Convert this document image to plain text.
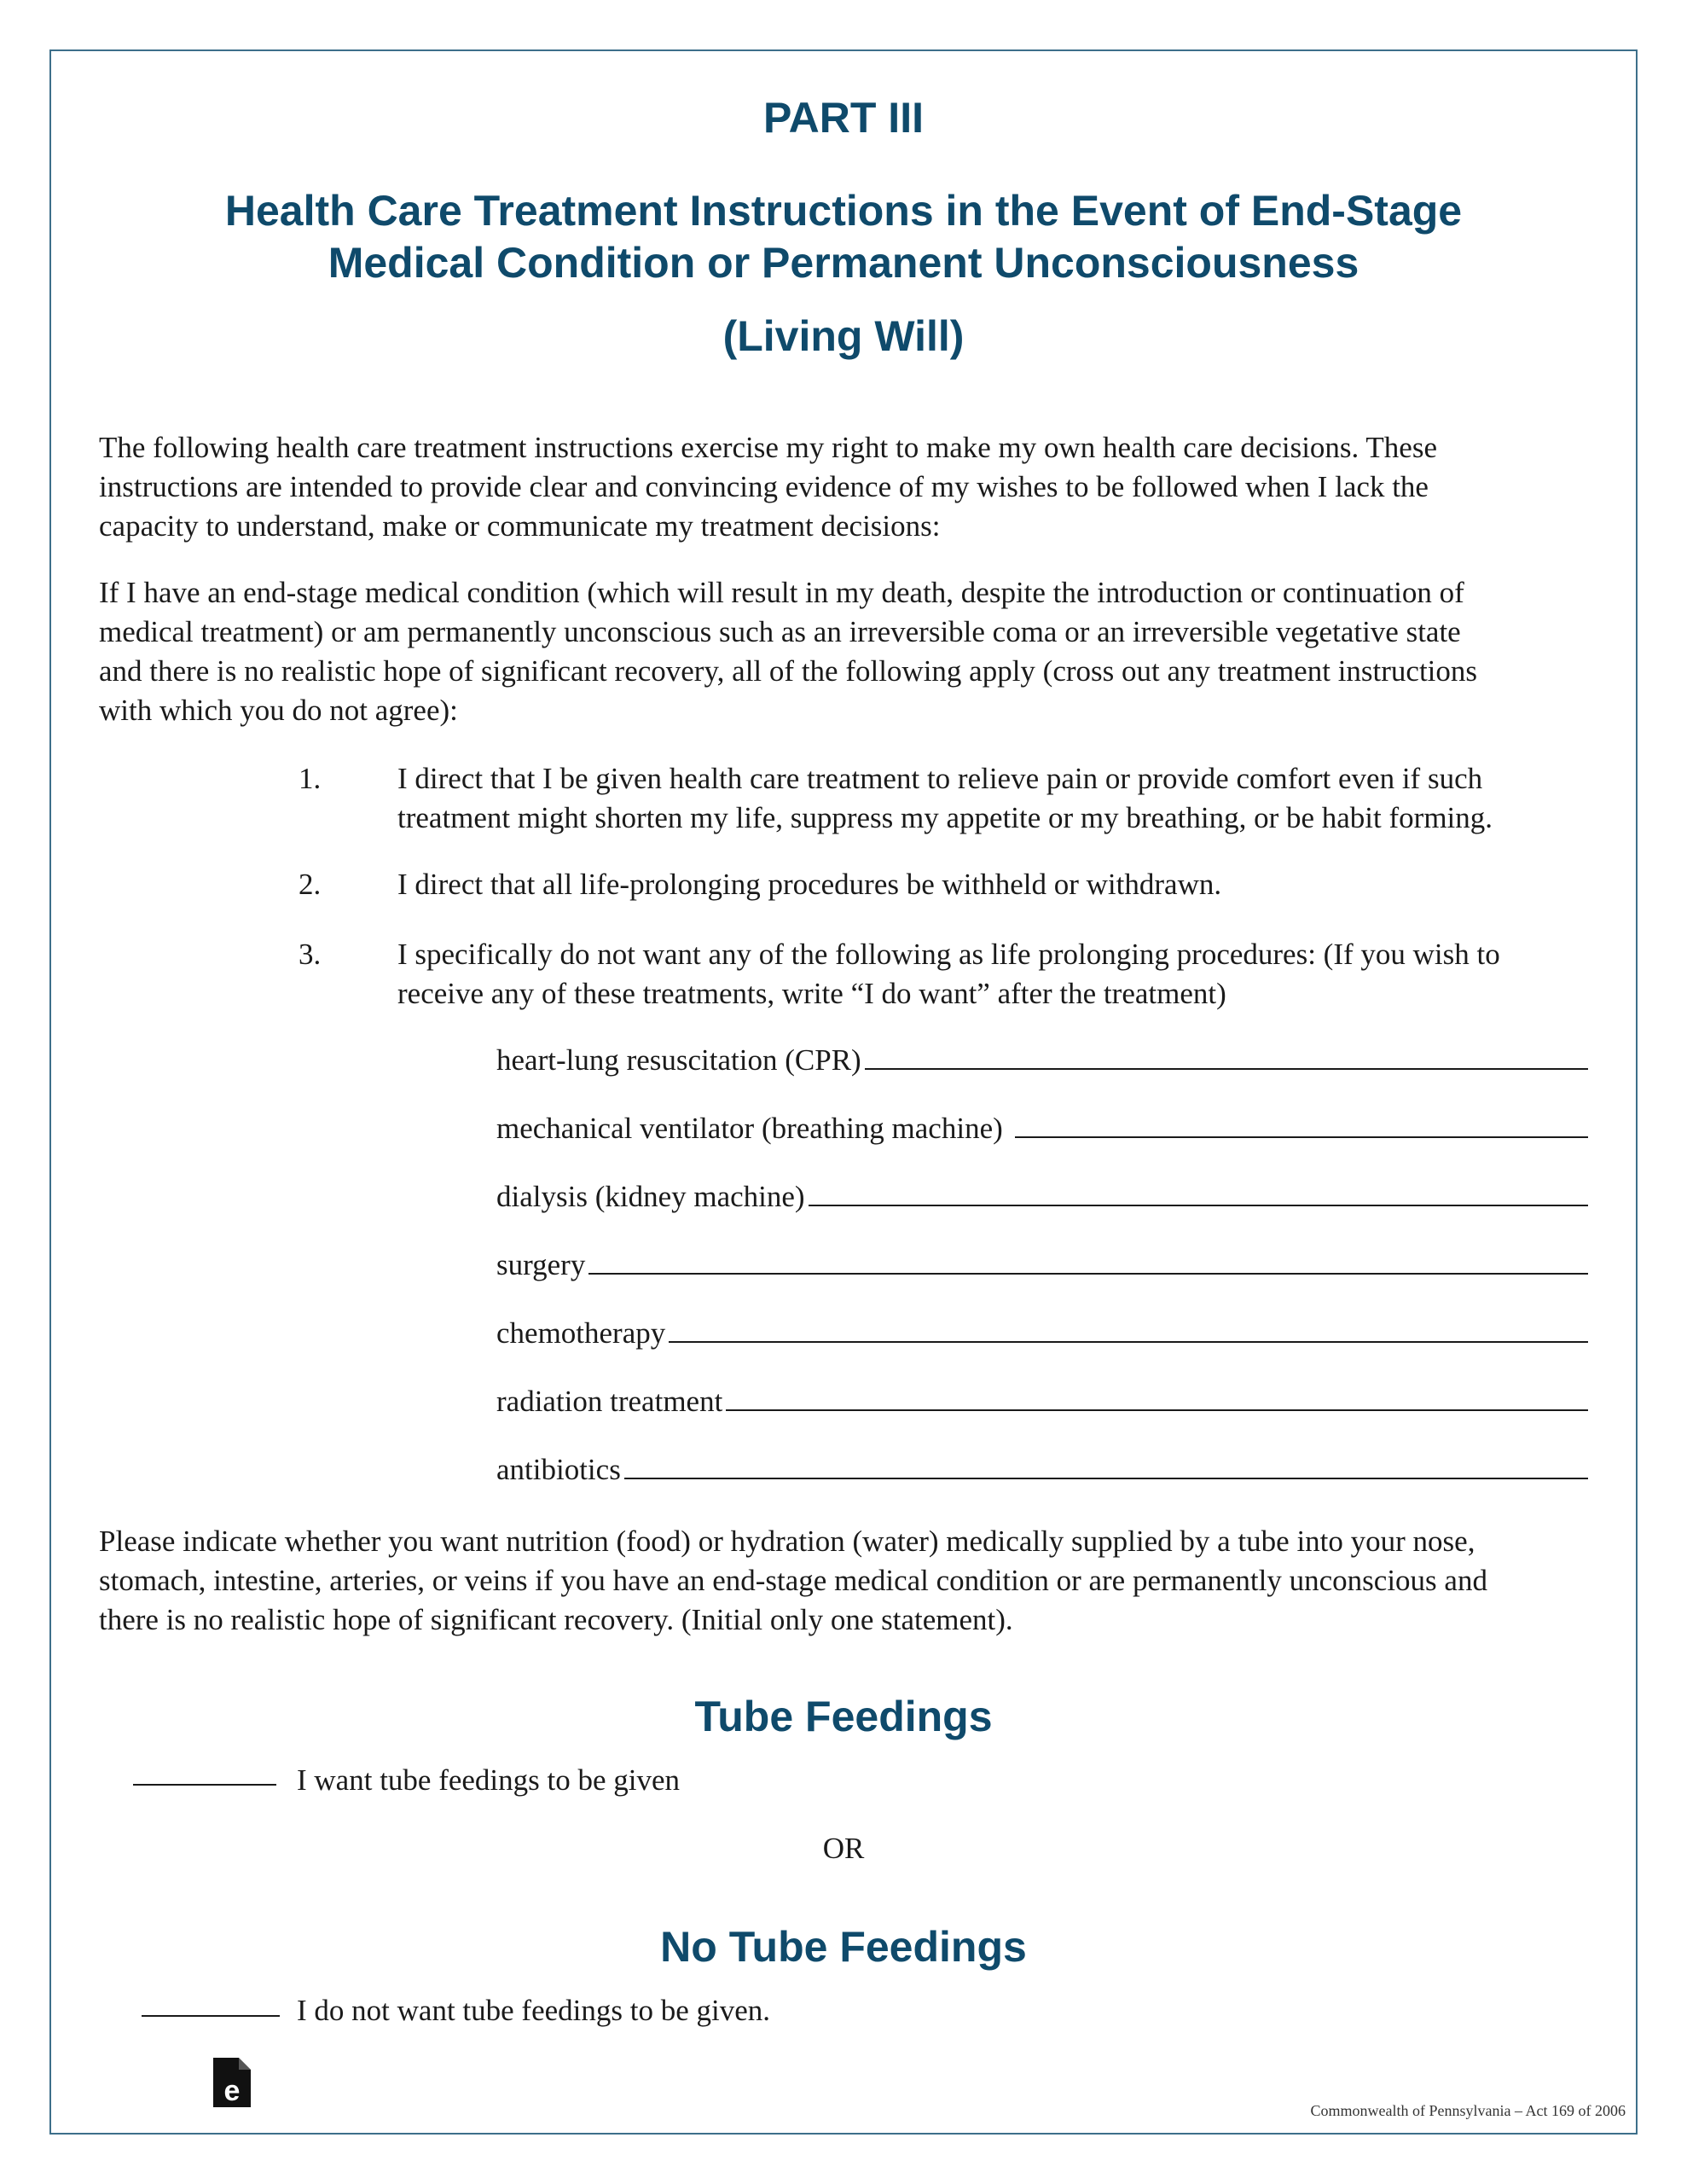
PART III
Health Care Treatment Instructions in the Event of End-Stage
Medical Condition or Permanent Unconsciousness
(Living Will)
The following health care treatment instructions exercise my right to make my own health care decisions. These
instructions are intended to provide clear and convincing evidence of my wishes to be followed when I lack the
capacity to understand, make or communicate my treatment decisions:
If I have an end-stage medical condition (which will result in my death, despite the introduction or continuation of
medical treatment) or am permanently unconscious such as an irreversible coma or an irreversible vegetative state
and there is no realistic hope of significant recovery, all of the following apply (cross out any treatment instructions
with which you do not agree):
1.	I direct that I be given health care treatment to relieve pain or provide comfort even if such
treatment might shorten my life, suppress my appetite or my breathing, or be habit forming.
2.	I direct that all life-prolonging procedures be withheld or withdrawn.
3.	I specifically do not want any of the following as life prolonging procedures: (If you wish to
receive any of these treatments, write “I do want” after the treatment)
heart-lung resuscitation (CPR)
mechanical ventilator (breathing machine)
dialysis (kidney machine)
surgery
chemotherapy
radiation treatment
antibiotics
Please indicate whether you want nutrition (food) or hydration (water) medically supplied by a tube into your nose,
stomach, intestine, arteries, or veins if you have an end-stage medical condition or are permanently unconscious and
there is no realistic hope of significant recovery. (Initial only one statement).
Tube Feedings
I want tube feedings to be given
OR
No Tube Feedings
I do not want tube feedings to be given.
e
Commonwealth of Pennsylvania – Act 169 of 2006
